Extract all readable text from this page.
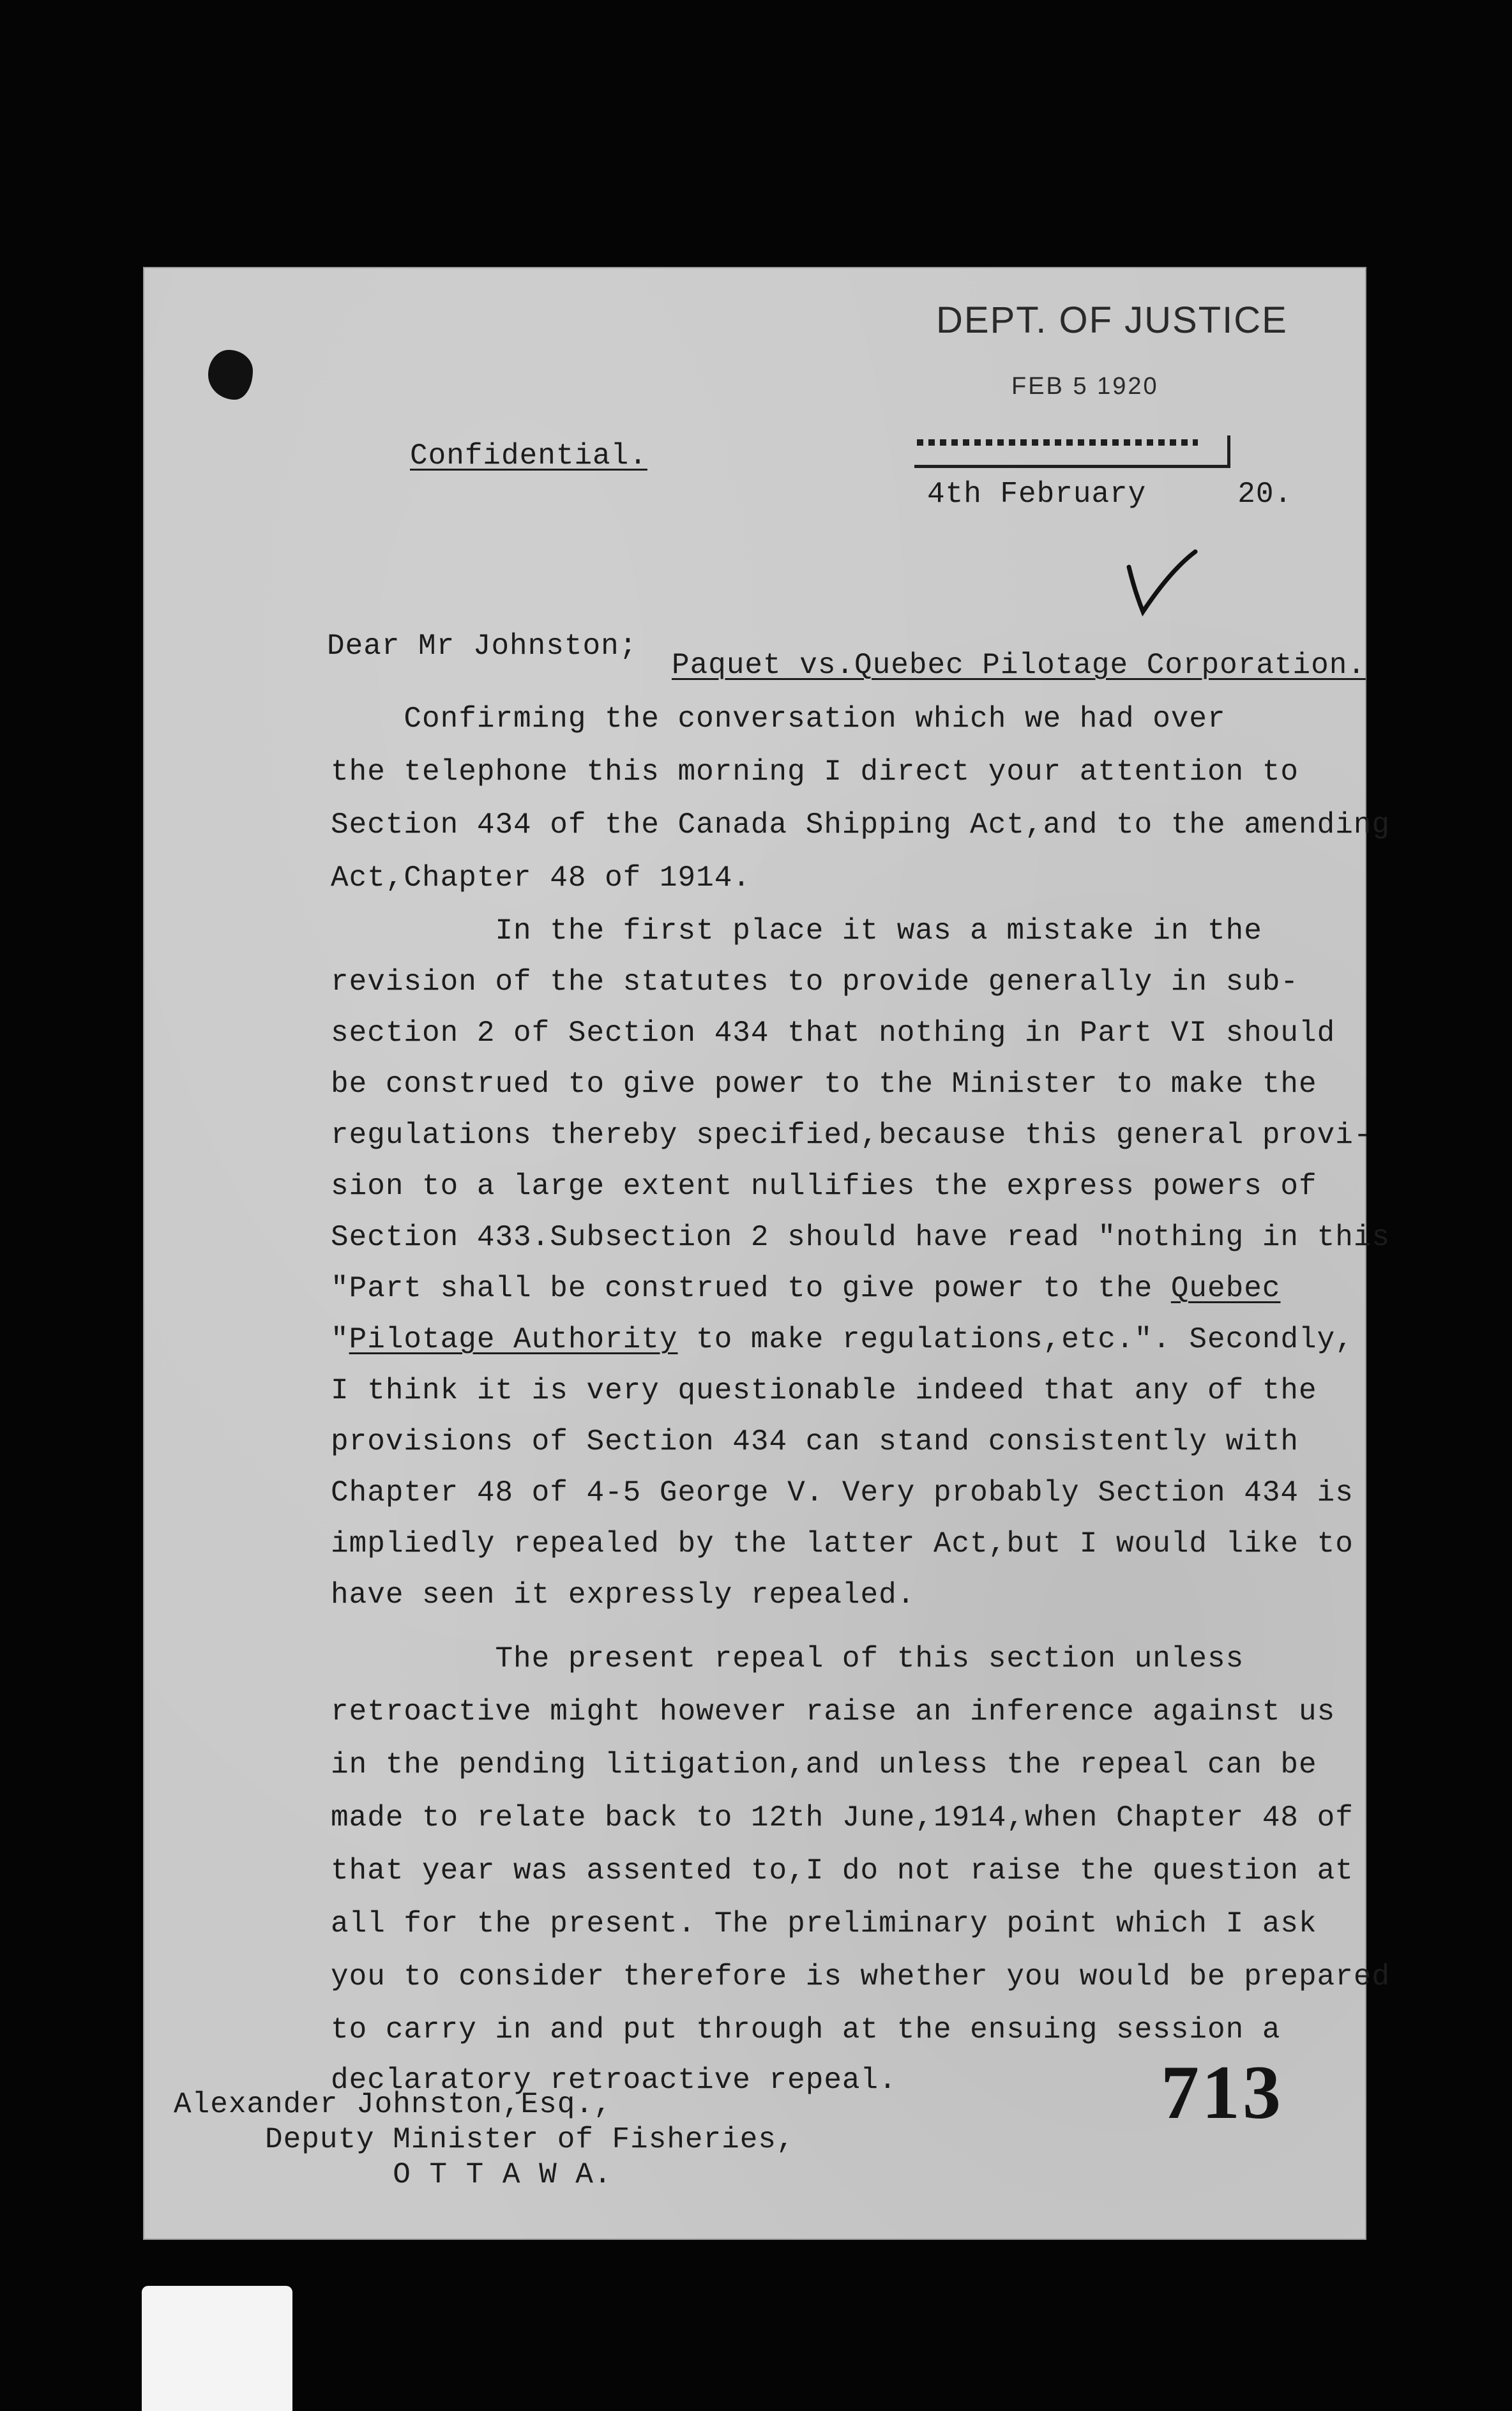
DEPT. OF JUSTICE
FEB 5 1920
Confidential.
4th February     20.
Dear Mr Johnston;
Paquet vs.Quebec Pilotage Corporation.
Confirming the conversation which we had over
the telephone this morning I direct your attention to
Section 434 of the Canada Shipping Act,and to the amending
Act,Chapter 48 of 1914.
In the first place it was a mistake in the
revision of the statutes to provide generally in sub-
section 2 of Section 434 that nothing in Part VI should
be construed to give power to the Minister to make the
regulations thereby specified,because this general provi-
sion to a large extent nullifies the express powers of
Section 433.Subsection 2 should have read "nothing in this
"Part shall be construed to give power to the Quebec
"Pilotage Authority to make regulations,etc.". Secondly,
I think it is very questionable indeed that any of the
provisions of Section 434 can stand consistently with
Chapter 48 of 4-5 George V. Very probably Section 434 is
impliedly repealed by the latter Act,but I would like to
have seen it expressly repealed.
The present repeal of this section unless
retroactive might however raise an inference against us
in the pending litigation,and unless the repeal can be
made to relate back to 12th June,1914,when Chapter 48 of
that year was assented to,I do not raise the question at
all for the present. The preliminary point which I ask
you to consider therefore is whether you would be prepared
to carry in and put through at the ensuing session a
declaratory retroactive repeal.
Alexander Johnston,Esq.,
Deputy Minister of Fisheries,
O T T A W A.
713
